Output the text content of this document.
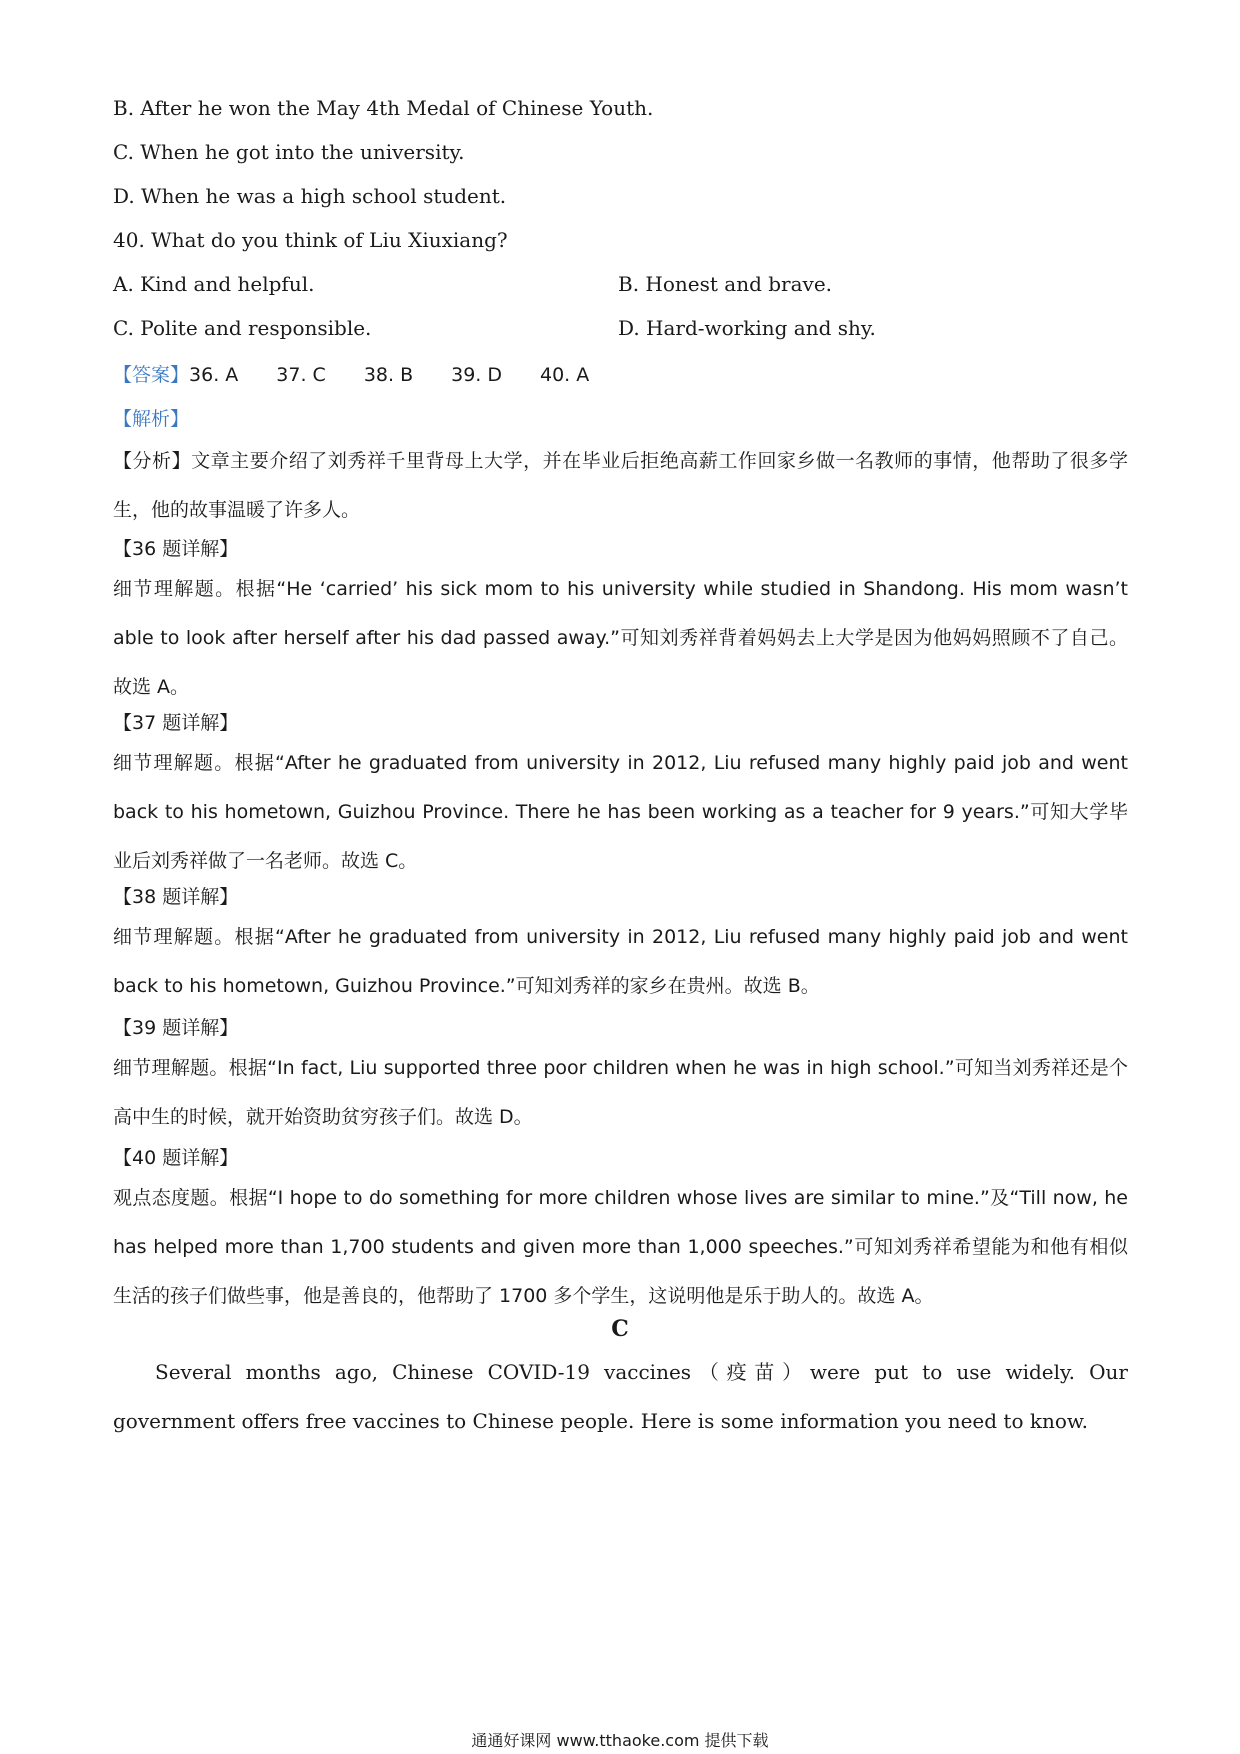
B. After he won the May 4th Medal of Chinese Youth.
C. When he got into the university.
D. When he was a high school student.
40. What do you think of Liu Xiuxiang?
A. Kind and helpful.	B. Honest and brave.
C. Polite and responsible.	D. Hard-working and shy.
【答案】36. A 37. C 38. B 39. D 40. A
【解析】
【分析】文章主要介绍了刘秀祥千里背母上大学，并在毕业后拒绝高薪工作回家乡做一名教师的事情，他帮助了很多学生，他的故事温暖了许多人。
【36 题详解】
细节理解题。根据“He ‘carried’ his sick mom to his university while studied in Shandong. His mom wasn’t able to look after herself after his dad passed away.”可知刘秀祥背着妈妈去上大学是因为他妈妈照顾不了自己。故选 A。
【37 题详解】
细节理解题。根据“After he graduated from university in 2012, Liu refused many highly paid job and went back to his hometown, Guizhou Province. There he has been working as a teacher for 9 years.”可知大学毕业后刘秀祥做了一名老师。故选 C。
【38 题详解】
细节理解题。根据“After he graduated from university in 2012, Liu refused many highly paid job and went back to his hometown, Guizhou Province.”可知刘秀祥的家乡在贵州。故选 B。
【39 题详解】
细节理解题。根据“In fact, Liu supported three poor children when he was in high school.”可知当刘秀祥还是个高中生的时候，就开始资助贫穷孩子们。故选 D。
【40 题详解】
观点态度题。根据“I hope to do something for more children whose lives are similar to mine.”及“Till now, he has helped more than 1,700 students and given more than 1,000 speeches.”可知刘秀祥希望能为和他有相似生活的孩子们做些事，他是善良的，他帮助了 1700 多个学生，这说明他是乐于助人的。故选 A。
C
Several months ago, Chinese COVID-19 vaccines（疫苗）were put to use widely. Our government offers free vaccines to Chinese people. Here is some information you need to know.
通通好课网 www.tthaoke.com 提供下载
